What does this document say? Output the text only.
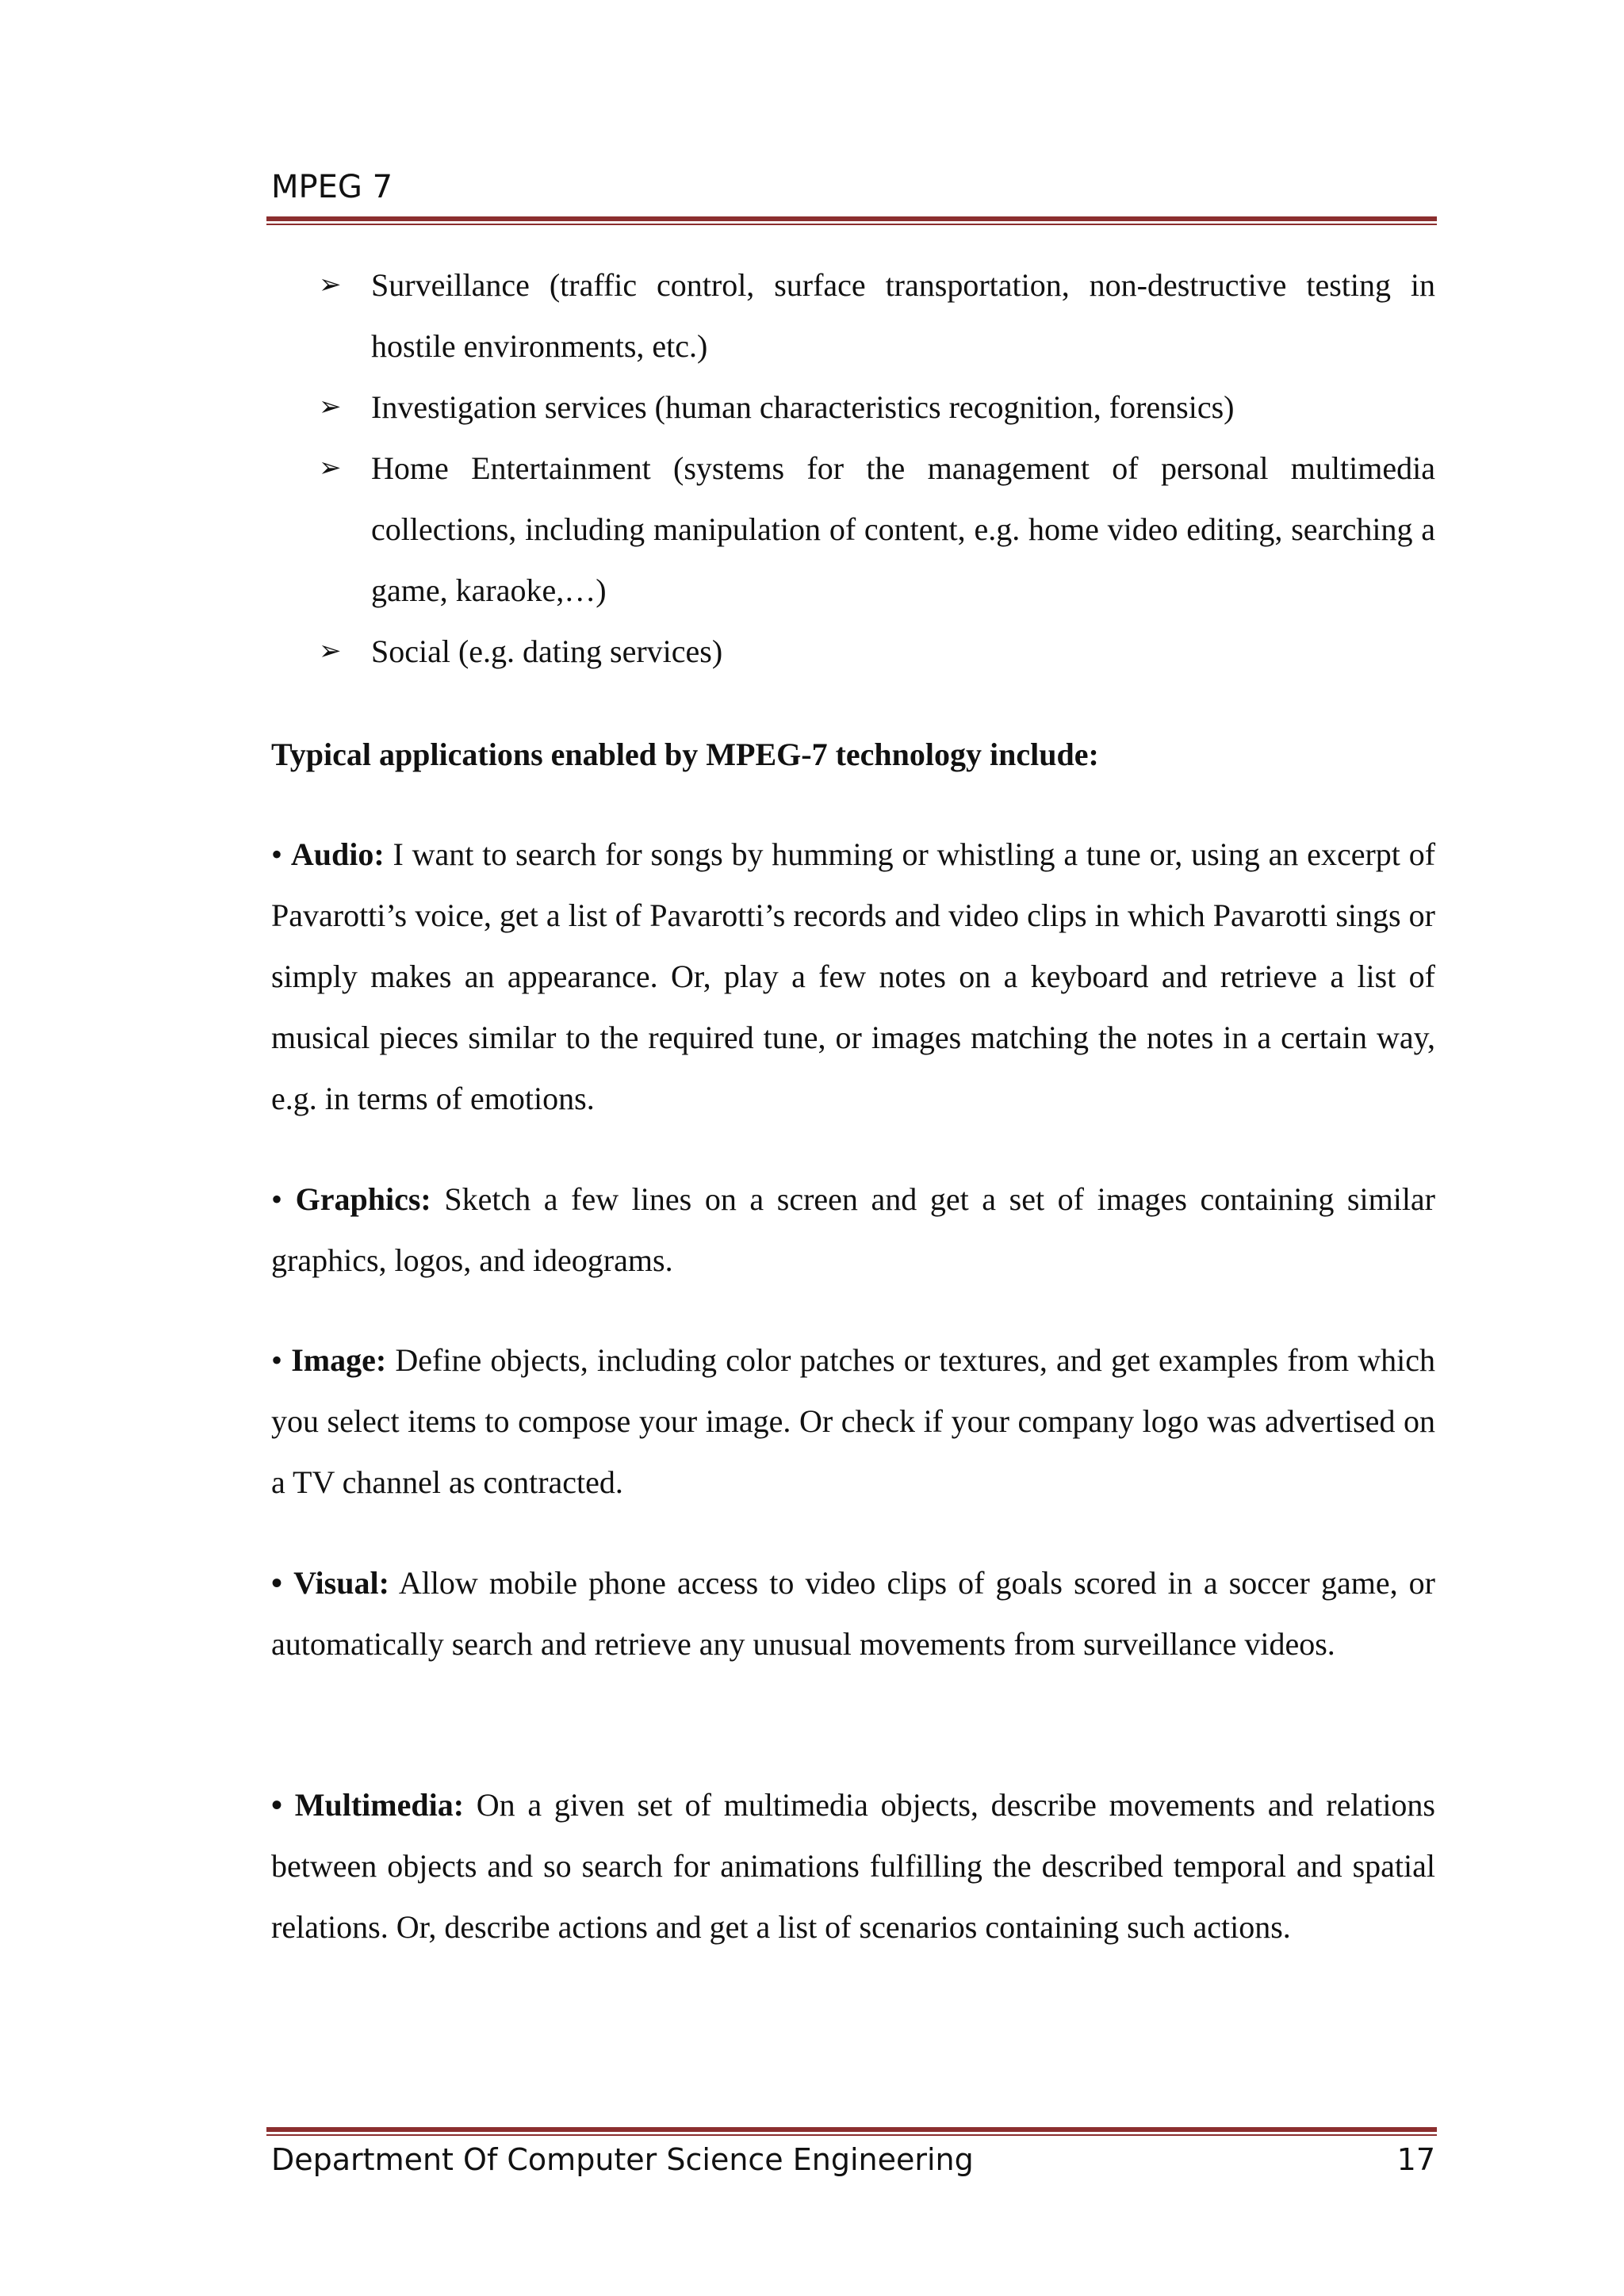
MPEG 7
➢ Surveillance (traffic control, surface transportation, non-destructive testing in hostile environments, etc.)
➢ Investigation services (human characteristics recognition, forensics)
➢ Home Entertainment (systems for the management of personal multimedia collections, including manipulation of content, e.g. home video editing, searching a game, karaoke,…)
➢ Social (e.g. dating services)
Typical applications enabled by MPEG-7 technology include:
• Audio: I want to search for songs by humming or whistling a tune or, using an excerpt of Pavarotti’s voice, get a list of Pavarotti’s records and video clips in which Pavarotti sings or simply makes an appearance. Or, play a few notes on a keyboard and retrieve a list of musical pieces similar to the required tune, or images matching the notes in a certain way, e.g. in terms of emotions.
• Graphics: Sketch a few lines on a screen and get a set of images containing similar graphics, logos, and ideograms.
• Image: Define objects, including color patches or textures, and get examples from which you select items to compose your image. Or check if your company logo was advertised on a TV channel as contracted.
• Visual: Allow mobile phone access to video clips of goals scored in a soccer game, or automatically search and retrieve any unusual movements from surveillance videos.
• Multimedia: On a given set of multimedia objects, describe movements and relations between objects and so search for animations fulfilling the described temporal and spatial relations. Or, describe actions and get a list of scenarios containing such actions.
Department Of Computer Science Engineering	17
